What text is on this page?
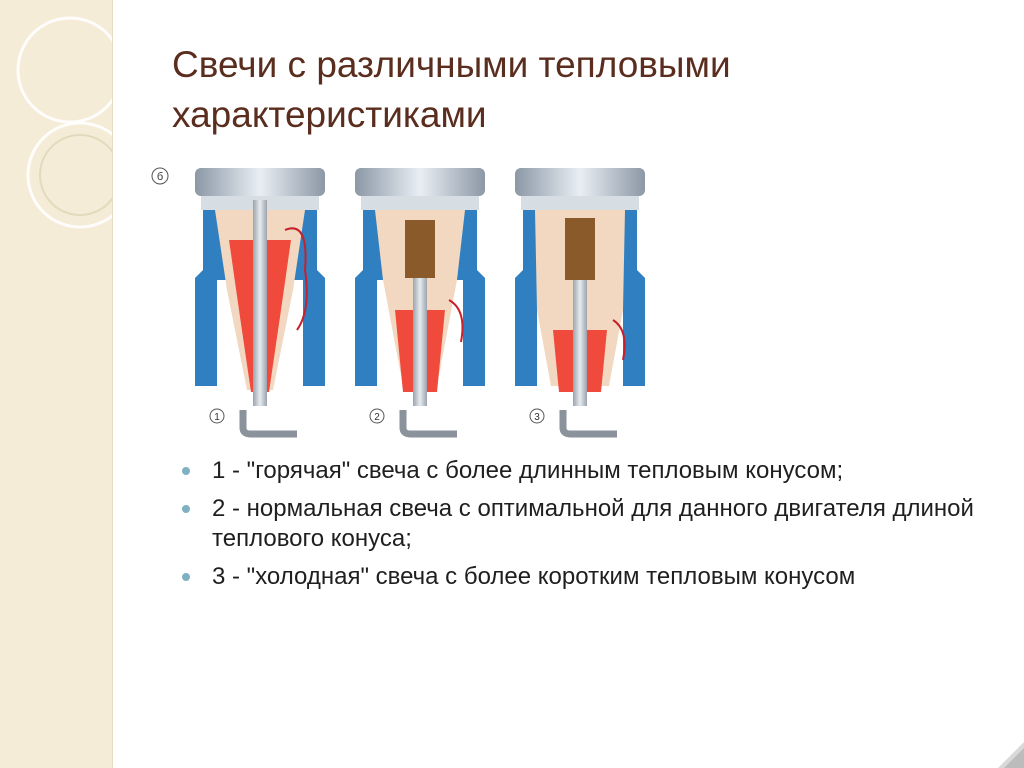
Свечи с различными тепловыми
характеристиками
б
1	2	3
1 - "горячая" свеча с более длинным тепловым конусом;
2 - нормальная свеча с оптимальной для данного двигателя длиной теплового конуса;
3 - "холодная" свеча с более коротким тепловым конусом
